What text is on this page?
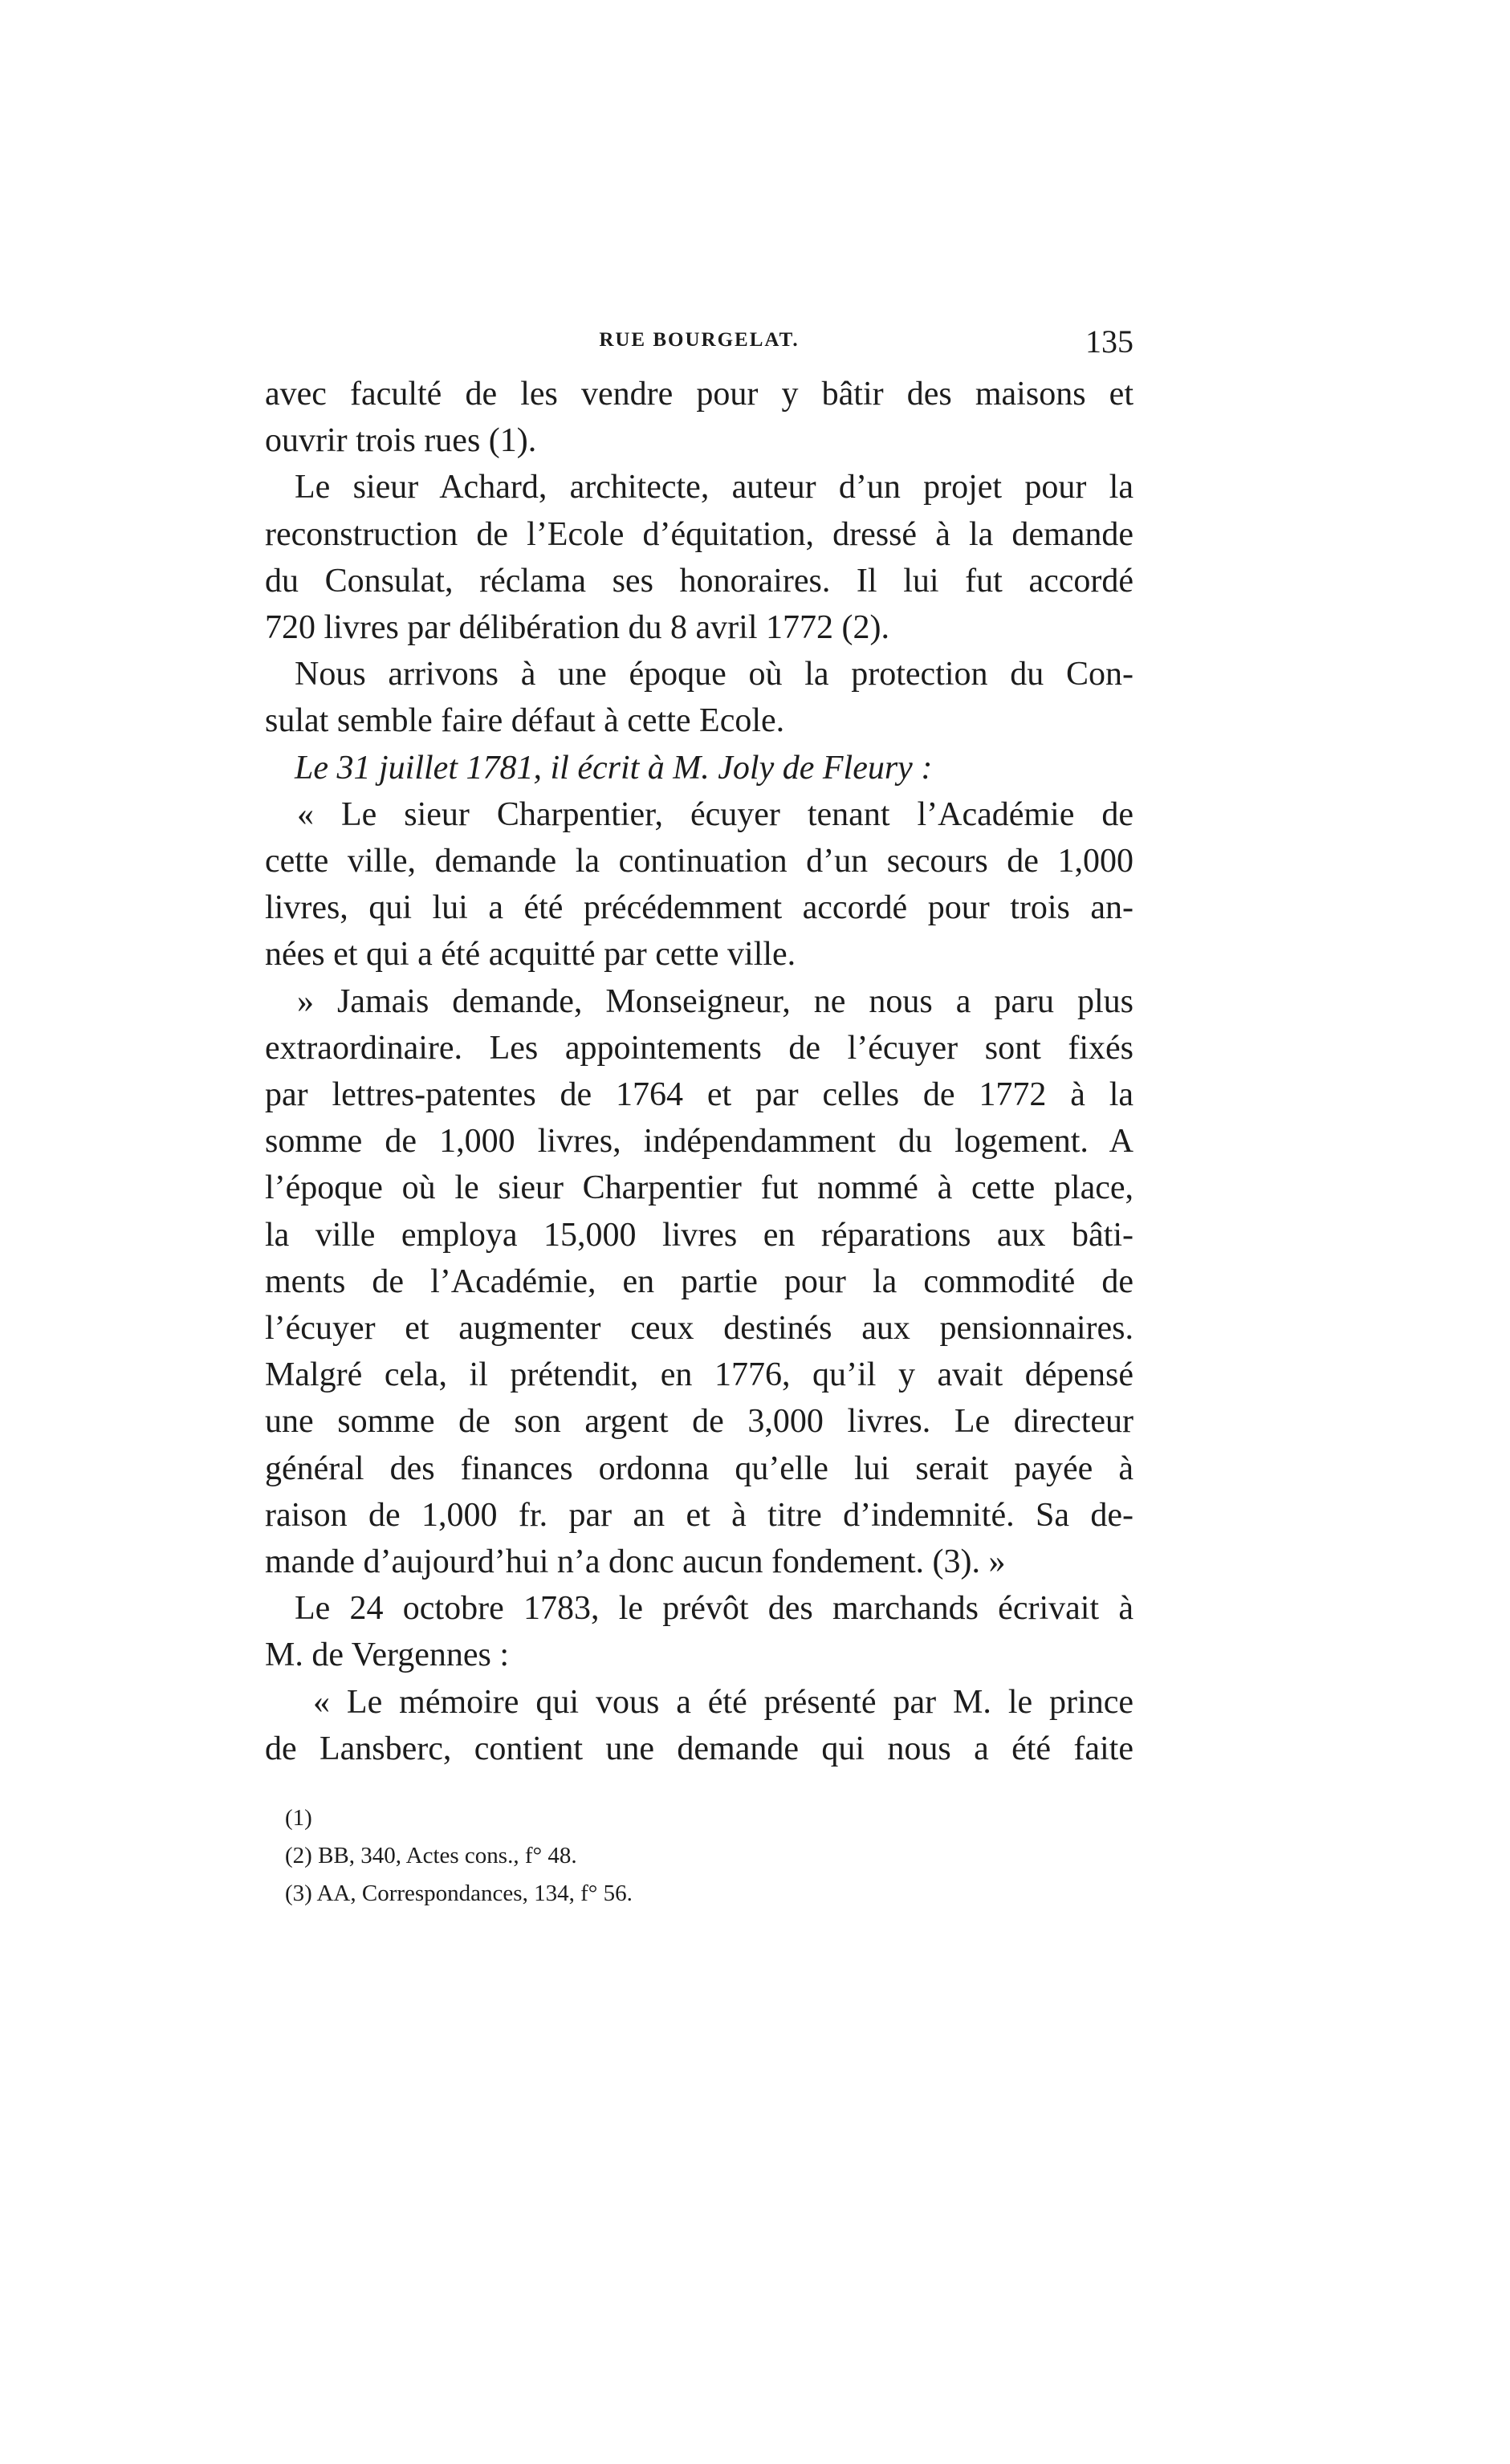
RUE BOURGELAT.	135
avec faculté de les vendre pour y bâtir des maisons et
ouvrir trois rues (1).
Le sieur Achard, architecte, auteur d’un projet pour la
reconstruction de l’Ecole d’équitation, dressé à la demande
du Consulat, réclama ses honoraires. Il lui fut accordé
720 livres par délibération du 8 avril 1772 (2).
Nous arrivons à une époque où la protection du Con-
sulat semble faire défaut à cette Ecole.
Le 31 juillet 1781, il écrit à M. Joly de Fleury :
« Le sieur Charpentier, écuyer tenant l’Académie de
cette ville, demande la continuation d’un secours de 1,000
livres, qui lui a été précédemment accordé pour trois an-
nées et qui a été acquitté par cette ville.
» Jamais demande, Monseigneur, ne nous a paru plus
extraordinaire. Les appointements de l’écuyer sont fixés
par lettres-patentes de 1764 et par celles de 1772 à la
somme de 1,000 livres, indépendamment du logement. A
l’époque où le sieur Charpentier fut nommé à cette place,
la ville employa 15,000 livres en réparations aux bâti-
ments de l’Académie, en partie pour la commodité de
l’écuyer et augmenter ceux destinés aux pensionnaires.
Malgré cela, il prétendit, en 1776, qu’il y avait dépensé
une somme de son argent de 3,000 livres. Le directeur
général des finances ordonna qu’elle lui serait payée à
raison de 1,000 fr. par an et à titre d’indemnité. Sa de-
mande d’aujourd’hui n’a donc aucun fondement. (3). »
Le 24 octobre 1783, le prévôt des marchands écrivait à
M. de Vergennes :
« Le mémoire qui vous a été présenté par M. le prince
de Lansberc, contient une demande qui nous a été faite
(1)
(2) BB, 340, Actes cons., f° 48.
(3) AA, Correspondances, 134, f° 56.
